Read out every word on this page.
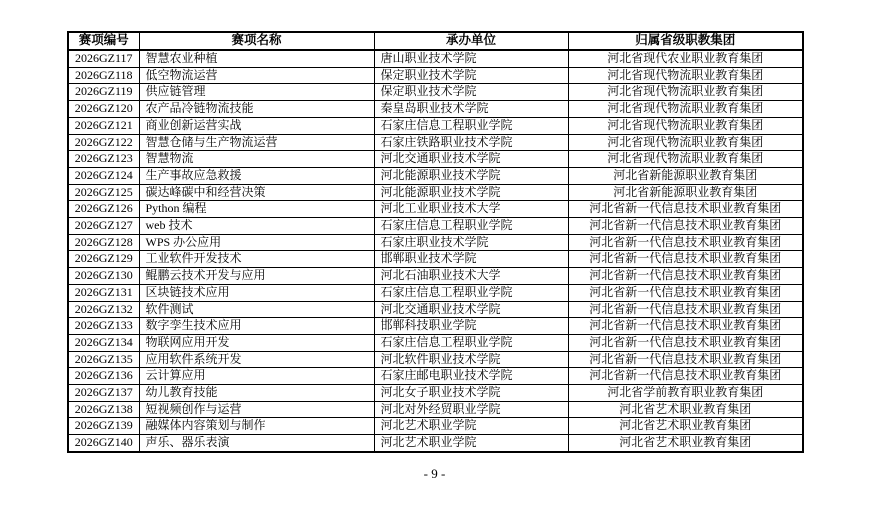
赛项编号	赛项名称	承办单位	归属省级职教集团
2026GZ117	智慧农业种植	唐山职业技术学院	河北省现代农业职业教育集团
2026GZ118	低空物流运营	保定职业技术学院	河北省现代物流职业教育集团
2026GZ119	供应链管理	保定职业技术学院	河北省现代物流职业教育集团
2026GZ120	农产品冷链物流技能	秦皇岛职业技术学院	河北省现代物流职业教育集团
2026GZ121	商业创新运营实战	石家庄信息工程职业学院	河北省现代物流职业教育集团
2026GZ122	智慧仓储与生产物流运营	石家庄铁路职业技术学院	河北省现代物流职业教育集团
2026GZ123	智慧物流	河北交通职业技术学院	河北省现代物流职业教育集团
2026GZ124	生产事故应急救援	河北能源职业技术学院	河北省新能源职业教育集团
2026GZ125	碳达峰碳中和经营决策	河北能源职业技术学院	河北省新能源职业教育集团
2026GZ126	Python 编程	河北工业职业技术大学	河北省新一代信息技术职业教育集团
2026GZ127	web 技术	石家庄信息工程职业学院	河北省新一代信息技术职业教育集团
2026GZ128	WPS 办公应用	石家庄职业技术学院	河北省新一代信息技术职业教育集团
2026GZ129	工业软件开发技术	邯郸职业技术学院	河北省新一代信息技术职业教育集团
2026GZ130	鲲鹏云技术开发与应用	河北石油职业技术大学	河北省新一代信息技术职业教育集团
2026GZ131	区块链技术应用	石家庄信息工程职业学院	河北省新一代信息技术职业教育集团
2026GZ132	软件测试	河北交通职业技术学院	河北省新一代信息技术职业教育集团
2026GZ133	数字孪生技术应用	邯郸科技职业学院	河北省新一代信息技术职业教育集团
2026GZ134	物联网应用开发	石家庄信息工程职业学院	河北省新一代信息技术职业教育集团
2026GZ135	应用软件系统开发	河北软件职业技术学院	河北省新一代信息技术职业教育集团
2026GZ136	云计算应用	石家庄邮电职业技术学院	河北省新一代信息技术职业教育集团
2026GZ137	幼儿教育技能	河北女子职业技术学院	河北省学前教育职业教育集团
2026GZ138	短视频创作与运营	河北对外经贸职业学院	河北省艺术职业教育集团
2026GZ139	融媒体内容策划与制作	河北艺术职业学院	河北省艺术职业教育集团
2026GZ140	声乐、器乐表演	河北艺术职业学院	河北省艺术职业教育集团
- 9 -
